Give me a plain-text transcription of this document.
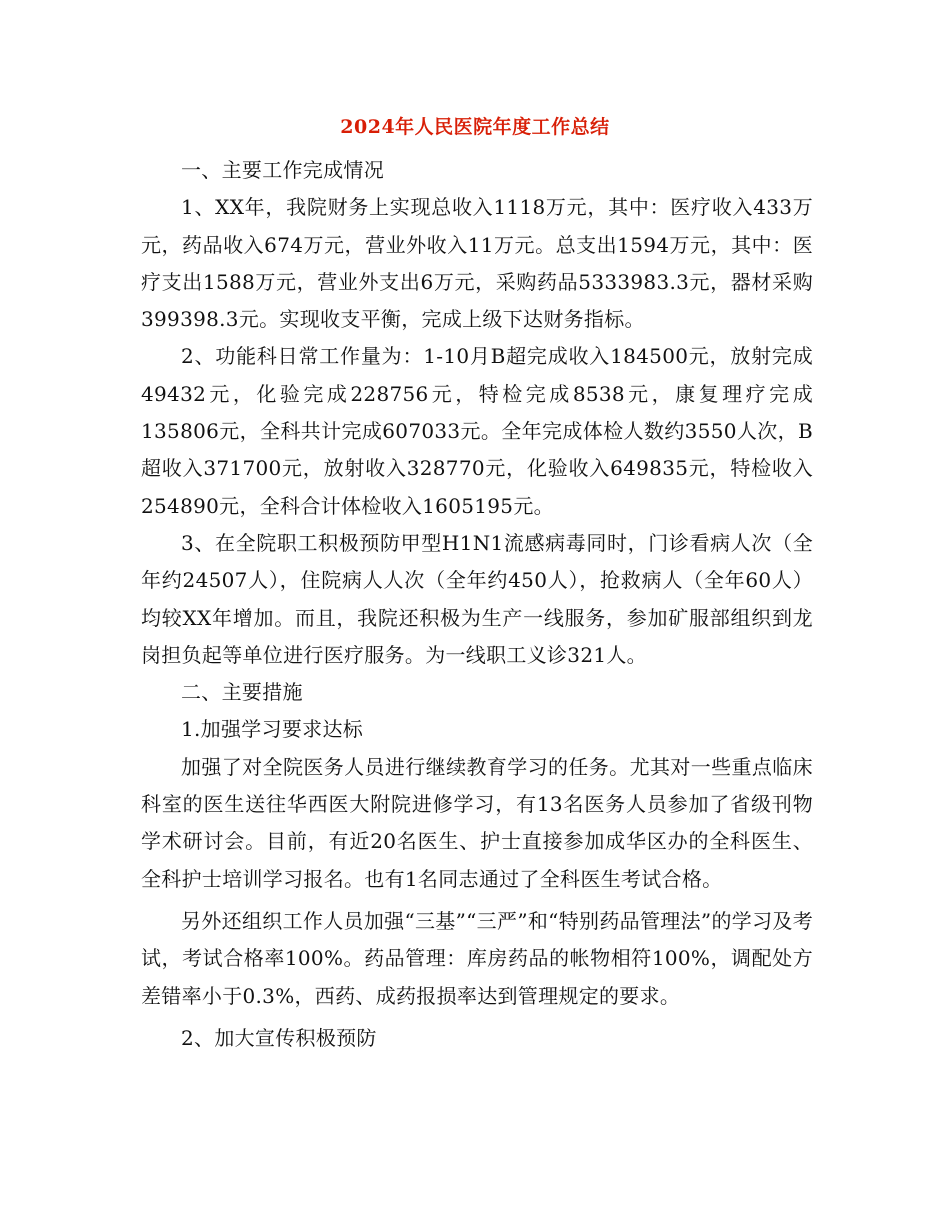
2024年人民医院年度工作总结

一、主要工作完成情况

1、XX年，我院财务上实现总收入1118万元，其中：医疗收入433万元，药品收入674万元，营业外收入11万元。总支出1594万元，其中：医疗支出1588万元，营业外支出6万元，采购药品5333983.3元，器材采购399398.3元。实现收支平衡，完成上级下达财务指标。

2、功能科日常工作量为：1-10月B超完成收入184500元，放射完成49432元，化验完成228756元，特检完成8538元，康复理疗完成135806元，全科共计完成607033元。全年完成体检人数约3550人次，B超收入371700元，放射收入328770元，化验收入649835元，特检收入254890元，全科合计体检收入1605195元。

3、在全院职工积极预防甲型H1N1流感病毒同时，门诊看病人次（全年约24507人），住院病人人次（全年约450人），抢救病人（全年60人）均较XX年增加。而且，我院还积极为生产一线服务，参加矿服部组织到龙岗担负起等单位进行医疗服务。为一线职工义诊321人。

二、主要措施

1.加强学习要求达标

加强了对全院医务人员进行继续教育学习的任务。尤其对一些重点临床科室的医生送往华西医大附院进修学习，有13名医务人员参加了省级刊物学术研讨会。目前，有近20名医生、护士直接参加成华区办的全科医生、全科护士培训学习报名。也有1名同志通过了全科医生考试合格。

另外还组织工作人员加强“三基”“三严”和“特别药品管理法”的学习及考试，考试合格率100%。药品管理：库房药品的帐物相符100%，调配处方差错率小于0.3%，西药、成药报损率达到管理规定的要求。

2、加大宣传积极预防
